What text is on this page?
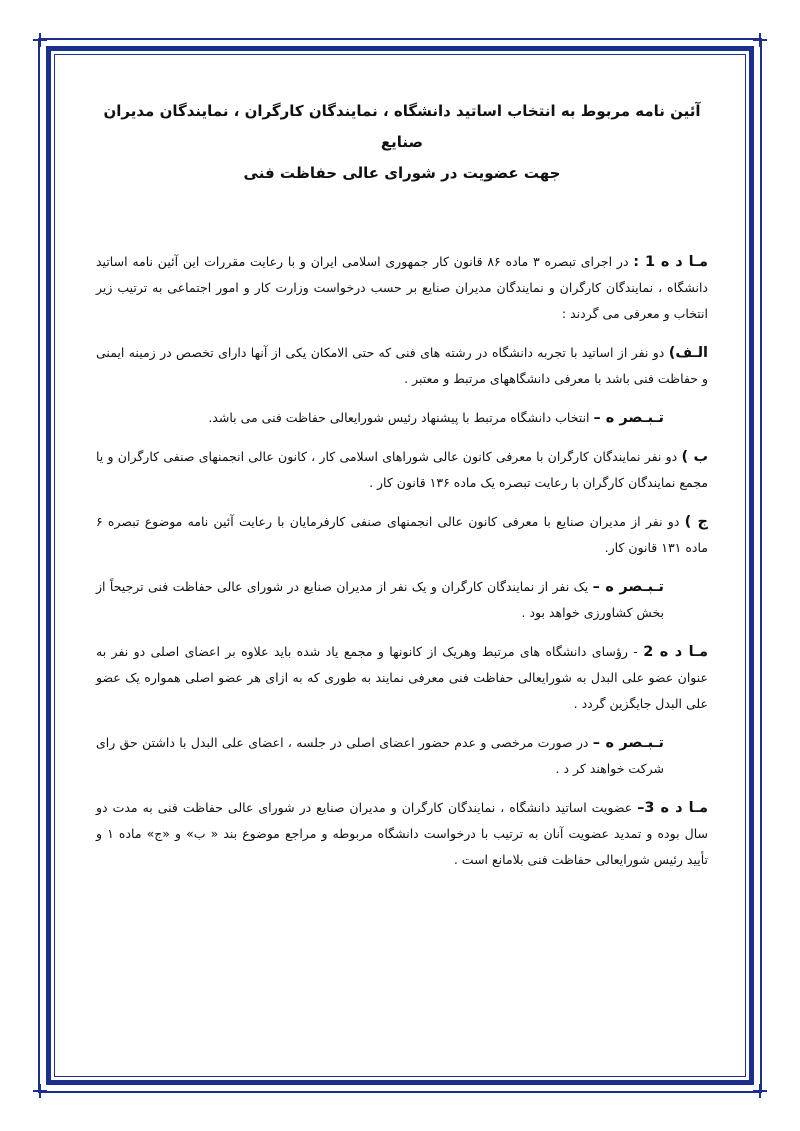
آئین نامه مربوط به انتخاب اساتید دانشگاه ، نمایندگان کارگران ، نمایندگان مدیران صنایع
جهت عضویت در شورای عالی حفاظت فنی

مـا د ه 1 : در اجرای تبصره ۳ ماده ۸۶ قانون کار جمهوری اسلامی ایران و با رعایت مقررات این آئین نامه اساتید دانشگاه ، نمایندگان کارگران و نمایندگان مدیران صنایع بر حسب درخواست وزارت کار و امور اجتماعی به ترتیب زیر انتخاب و معرفی می گردند :

الـف) دو نفر از اساتید با تجربه دانشگاه در رشته های فنی که حتی الامکان یکی از آنها دارای تخصص در زمینه ایمنی و حفاظت فنی باشد با معرفی دانشگاههای مرتبط و معتبر .

تـبـصر ه – انتخاب دانشگاه مرتبط با پیشنهاد رئیس شورایعالی حفاظت فنی می باشد.

ب ) دو نفر نمایندگان کارگران با معرفی کانون عالی شوراهای اسلامی کار ، کانون عالی انجمنهای صنفی کارگران و یا مجمع نمایندگان کارگران با رعایت تبصره یک ماده ۱۳۶ قانون کار .

ج ) دو نفر از مدیران صنایع با معرفی کانون عالی انجمنهای صنفی کارفرمایان با رعایت آئین نامه موضوع تبصره ۶ ماده ۱۳۱ قانون کار.

تـبـصر ه – یک نفر از نمایندگان کارگران و یک نفر از مدیران صنایع در شورای عالی حفاظت فنی ترجیحاً از بخش کشاورزی خواهد بود .

مـا د ه 2 - رؤسای دانشگاه های مرتبط وهریک از کانونها و مجمع یاد شده باید علاوه بر اعضای اصلی دو نفر به عنوان عضو علی البدل به شورایعالی حفاظت فنی معرفی نمایند به طوری که به ازای هر عضو اصلی همواره یک عضو علی البدل جایگزین گردد .

تـبـصر ه – در صورت مرخصی و عدم حضور اعضای اصلی در جلسه ، اعضای علی البدل با داشتن حق رای شرکت خواهند کر د .

مـا د ه 3– عضویت اساتید دانشگاه ، نمایندگان کارگران و مدیران صنایع در شورای عالی حفاظت فنی به مدت دو سال بوده و تمدید عضویت آنان به ترتیب با درخواست دانشگاه مربوطه و مراجع موضوع بند « ب» و «ج» ماده ۱ و تأیید رئیس شورایعالی حفاظت فنی بلامانع است .
